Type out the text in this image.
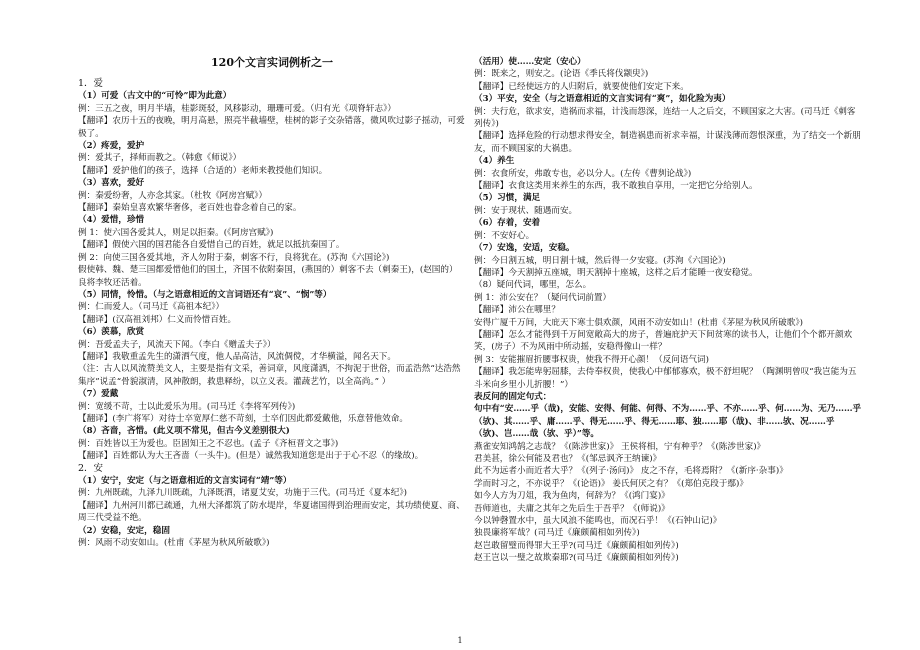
120个文言实词例析之一
1．爱
（1）可爱（古文中的“可怜”即为此意）
例：三五之夜，明月半墙，桂影斑驳，风移影动，珊珊可爱。（归有光《项脊轩志》）
【翻译】农历十五的夜晚，明月高悬，照亮半截墙壁，桂树的影子交杂错落，微风吹过影子摇动，可爱极了。
（2）疼爱，爱护
例：爱其子，择师而教之。（韩愈《师说》）
【翻译】爱护他们的孩子，选择（合适的）老师来教授他们知识。
（3）喜欢，爱好
例：秦爱纷奢，人亦念其家。（杜牧《阿房宫赋》）
【翻译】秦始皇喜欢繁华奢侈，老百姓也眷念着自己的家。
（4）爱惜，珍惜
例 1：使六国各爱其人，则足以拒秦。(《阿房宫赋》)
【翻译】假使六国的国君能各自爱惜自己的百姓，就足以抵抗秦国了。
例 2：向使三国各爱其地，齐人勿附于秦，刺客不行，良将犹在。(苏洵《六国论》)
假使韩、魏、楚三国都爱惜他们的国土，齐国不依附秦国，(燕国的）刺客不去（刺秦王)，(赵国的）良将李牧还活着。
（5）同情，怜惜。（与之语意相近的文言词语还有“哀”、“悯”等）
例：仁而爱人。（司马迁《高祖本纪》）
【翻译】(汉高祖刘邦）仁义而怜惜百姓。
（6）羡慕，欣赏
例：吾爱孟夫子，风流天下闻。（李白《赠孟夫子》）
【翻译】我敬重孟先生的潇洒气度，他人品高洁，风流倜傥，才华横溢，闻名天下。
（注：古人以风流赞美文人，主要是指有文采，善词章，风度潇洒，不拘泥于世俗，而孟浩然“达浩然集序”说孟“骨貌淑清，风神散朗，救患释纷，以立义表。灌蔬艺竹，以全高尚。” ）
（7）爱戴
例：宽缓不苛，士以此爱乐为用。(司马迁《李将军列传》)
【翻译】(李广将军）对待士卒宽厚仁慈不苛刻，士卒们因此都爱戴他，乐意替他效命。
（8）吝啬，吝惜。(此义项不常见，但古今义差别很大)
例：百姓皆以王为爱也。臣固知王之不忍也。(孟子《齐桓晋文之事》)
【翻译】百姓都认为大王吝啬（一头牛)。(但是）诚然我知道您是出于于心不忍（的缘故)。
2．安
（1）安宁，安定（与之语意相近的文言实词有“靖”等）
例：九州既疏，九泽九川既疏，九泽既洒，诸夏艾安，功施于三代。(司马迁《夏本纪》)
【翻译】九州河川都已疏通，九州大泽都筑了防水堤岸，华夏诸国得到治理而安定，其功绩使夏、商、周三代受益不绝。
（2）安稳，安定，稳固
例：风雨不动安如山。(杜甫《茅屋为秋风所破歌》)
（活用）使……安定（安心）
例：既来之，则安之。(论语《季氏将伐颛臾》)
【翻译】已经使远方的人归附后，就要使他们安定下来。
（3）平安，安全（与之语意相近的文言实词有“爽”，如化险为夷）
例：夫行危，欲求安，造祸而求福，计浅而怨深，连结一人之后交，不顾国家之大害。(司马迁《刺客列传》)
【翻译】选择危险的行动想求得安全，制造祸患而祈求幸福，计谋浅薄而怨恨深重，为了结交一个新朋友，而不顾国家的大祸患。
（4）养生
例：衣食所安，弗敢专也，必以分人。(左传《曹刿论战》)
【翻译】衣食这类用来养生的东西，我不敢独自享用，一定把它分给别人。
（5）习惯，满足
例：安于现状、随遇而安。
（6）存着，安着
例：不安好心。
（7）安逸，安适，安稳。
例：今日割五城，明日割十城，然后得一夕安寝。(苏洵《六国论》)
【翻译】今天割掉五座城，明天割掉十座城，这样之后才能睡一夜安稳觉。
（8）疑问代词，哪里，怎么。
例 1：沛公安在？（疑问代词前置）
【翻译】沛公在哪里？
安得广厦千万间，大庇天下寒士俱欢颜，风雨不动安如山！(杜甫《茅屋为秋风所破歌》)
【翻译】怎么才能得到千万间宽敞高大的房子，普遍庇护天下间贫寒的读书人，让他们个个都开颜欢笑，(房子）不为风雨中所动摇，安稳得像山一样？
例 3：安能摧眉折腰事权贵，使我不得开心颜！（反问语气词)
【翻译】我怎能卑躬屈膝，去侍奉权贵，使我心中郁郁寡欢，极不舒坦呢？（陶渊明曾叹“我岂能为五斗米向乡里小儿折腰！”）
表反问的固定句式：
句中有“安……乎（哉)，安能、安得、何能、何得、不为……乎、不亦……乎、何……为、无乃……乎（欤)、其……乎、庸……乎、得无……乎、得无……耶、独……耶（哉)、非……欤、况……乎（欤)、岂……哉（欤、乎）”等。
燕雀安知鸿鹄之志哉？《(陈涉世家)》 王侯将相，宁有种乎？《(陈涉世家)》
君美甚，徐公何能及君也？《(邹忌讽齐王纳谏)》
此不为远者小而近者大乎？《(列子·汤问)》 皮之不存，毛将焉附？《(新序·杂事)》
学而时习之，不亦说乎？《(论语)》 姜氏何厌之有？《(郑伯克段于鄢)》
如今人方为刀俎，我为鱼肉，何辞为？《(鸿门宴)》
吾师道也，夫庸之其年之先后生于吾乎？《(师说)》
今以钟磬置水中，虽大风浪不能鸣也，而况石乎！《(石钟山记)》
独畏廉将军哉？(司马迁《廉颇蔺相如列传》)
赵岂敢留璧而得罪大王乎?(司马迁《廉颇蔺相如列传》)
赵王岂以一璧之故欺秦耶?(司马迁《廉颇蔺相如列传》)
1
